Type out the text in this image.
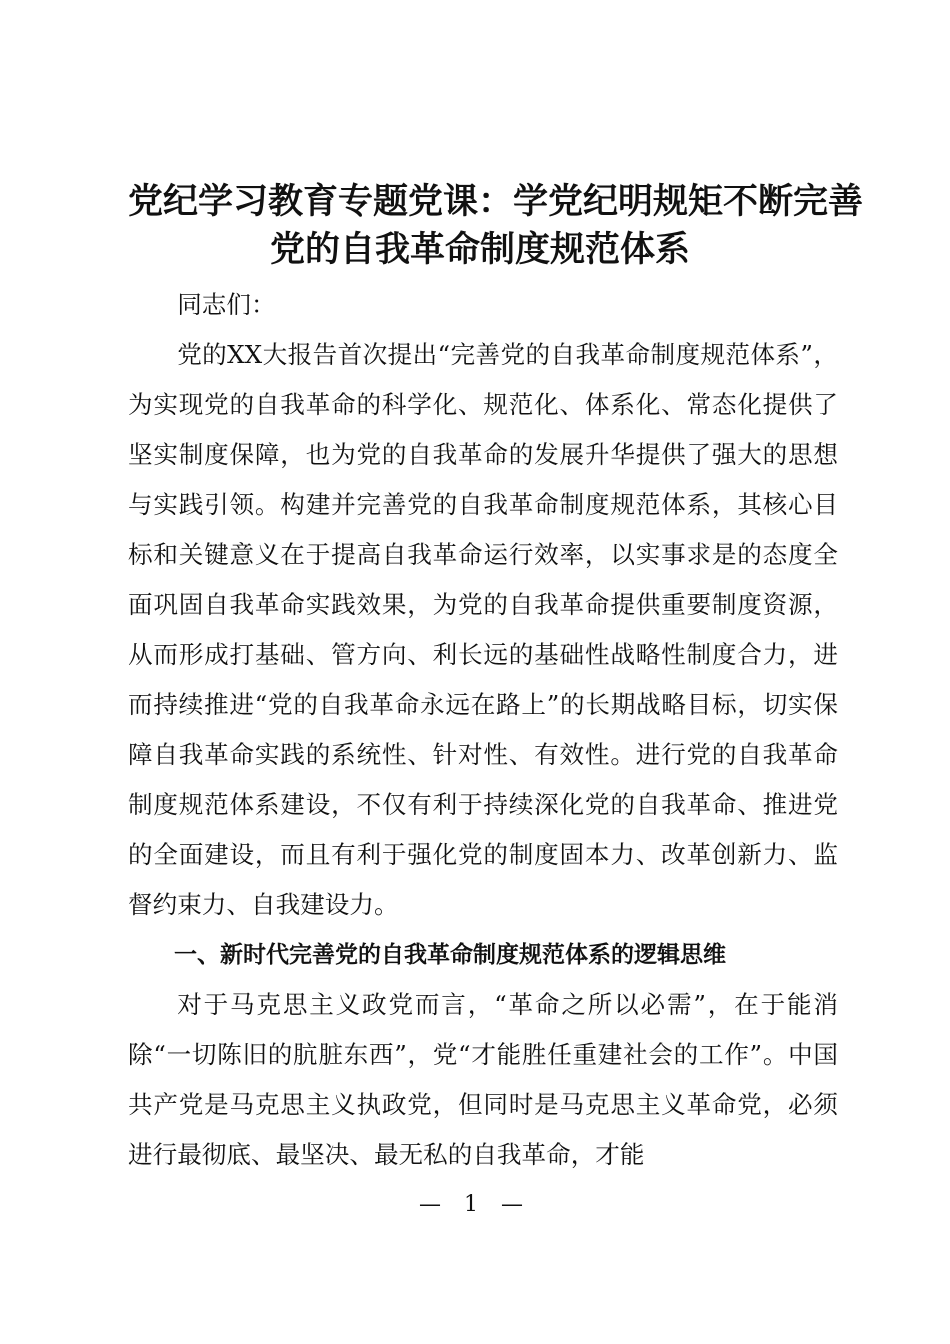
党纪学习教育专题党课：学党纪明规矩不断完善
党的自我革命制度规范体系

同志们：

党的XX大报告首次提出“完善党的自我革命制度规范体系”，为实现党的自我革命的科学化、规范化、体系化、常态化提供了坚实制度保障，也为党的自我革命的发展升华提供了强大的思想与实践引领。构建并完善党的自我革命制度规范体系，其核心目标和关键意义在于提高自我革命运行效率，以实事求是的态度全面巩固自我革命实践效果，为党的自我革命提供重要制度资源，从而形成打基础、管方向、利长远的基础性战略性制度合力，进而持续推进“党的自我革命永远在路上”的长期战略目标，切实保障自我革命实践的系统性、针对性、有效性。进行党的自我革命制度规范体系建设，不仅有利于持续深化党的自我革命、推进党的全面建设，而且有利于强化党的制度固本力、改革创新力、监督约束力、自我建设力。

一、新时代完善党的自我革命制度规范体系的逻辑思维

对于马克思主义政党而言，“革命之所以必需”，在于能消除“一切陈旧的肮脏东西”，党“才能胜任重建社会的工作”。中国共产党是马克思主义执政党，但同时是马克思主义革命党，必须进行最彻底、最坚决、最无私的自我革命，才能

— 1 —
